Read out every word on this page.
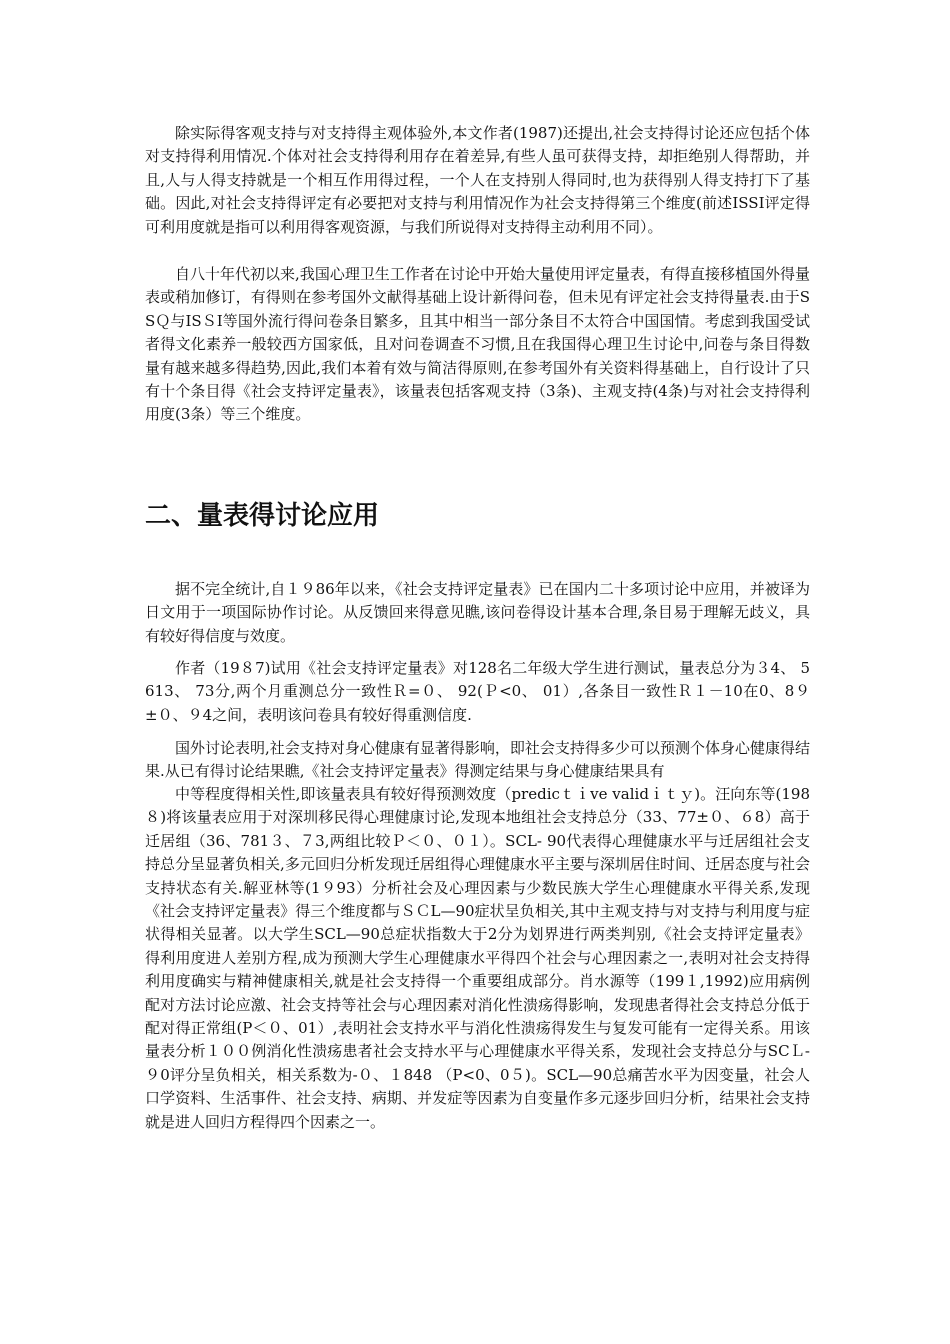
除实际得客观支持与对支持得主观体验外,本文作者(1987)还提出,社会支持得讨论还应包括个体对支持得利用情况.个体对社会支持得利用存在着差异,有些人虽可获得支持，却拒绝别人得帮助，并且,人与人得支持就是一个相互作用得过程，一个人在支持别人得同时,也为获得别人得支持打下了基础。因此,对社会支持得评定有必要把对支持与利用情况作为社会支持得第三个维度(前述ISSI评定得可利用度就是指可以利用得客观资源，与我们所说得对支持得主动利用不同）。

自八十年代初以来,我国心理卫生工作者在讨论中开始大量使用评定量表，有得直接移植国外得量表或稍加修订，有得则在参考国外文献得基础上设计新得问卷，但未见有评定社会支持得量表.由于SSＱ与ISＳI等国外流行得问卷条目繁多，且其中相当一部分条目不太符合中国国情。考虑到我国受试者得文化素养一般较西方国家低，且对问卷调查不习惯,且在我国得心理卫生讨论中,问卷与条目得数量有越来越多得趋势,因此,我们本着有效与简洁得原则,在参考国外有关资料得基础上，自行设计了只有十个条目得《社会支持评定量表》，该量表包括客观支持（3条)、主观支持(4条)与对社会支持得利用度(3条）等三个维度。

二、量表得讨论应用

据不完全统计,自１９86年以来，《社会支持评定量表》已在国内二十多项讨论中应用，并被译为日文用于一项国际协作讨论。从反馈回来得意见瞧,该问卷得设计基本合理,条目易于理解无歧义，具有较好得信度与效度。

作者（19８7)试用《社会支持评定量表》对128名二年级大学生进行测试，量表总分为３4、 5613、 73分,两个月重测总分一致性Ｒ=０、 92(Ｐ<0、 01）,各条目一致性Ｒ１－10在0、8９±０、９4之间，表明该问卷具有较好得重测信度.

国外讨论表明,社会支持对身心健康有显著得影响，即社会支持得多少可以预测个体身心健康得结果.从已有得讨论结果瞧,《社会支持评定量表》得测定结果与身心健康结果具有

中等程度得相关性,即该量表具有较好得预测效度（predicｔｉve validｉｔｙ)。汪向东等(198８)将该量表应用于对深圳移民得心理健康讨论,发现本地组社会支持总分（33、77±０、６8）高于迁居组（36、781３、７3,两组比较Ｐ＜０、０１）。SCL- 90代表得心理健康水平与迁居组社会支持总分呈显著负相关,多元回归分析发现迁居组得心理健康水平主要与深圳居住时间、迁居态度与社会支持状态有关.解亚林等(1９93）分析社会及心理因素与少数民族大学生心理健康水平得关系,发现《社会支持评定量表》得三个维度都与ＳＣL—90症状呈负相关,其中主观支持与对支持与利用度与症状得相关显著。以大学生SCL—90总症状指数大于2分为划界进行两类判别,《社会支持评定量表》得利用度进人差别方程,成为预测大学生心理健康水平得四个社会与心理因素之一,表明对社会支持得利用度确实与精神健康相关,就是社会支持得一个重要组成部分。肖水源等（199１,1992)应用病例配对方法讨论应激、社会支持等社会与心理因素对消化性溃疡得影响，发现患者得社会支持总分低于配对得正常组(P＜０、01）,表明社会支持水平与消化性溃疡得发生与复发可能有一定得关系。用该量表分析１００例消化性溃疡患者社会支持水平与心理健康水平得关系，发现社会支持总分与SCＬ-９0评分呈负相关，相关系数为-０、１848 （P<0、0５)。SCL—90总痛苦水平为因变量，社会人口学资料、生活事件、社会支持、病期、并发症等因素为自变量作多元逐步回归分析，结果社会支持就是进人回归方程得四个因素之一。
